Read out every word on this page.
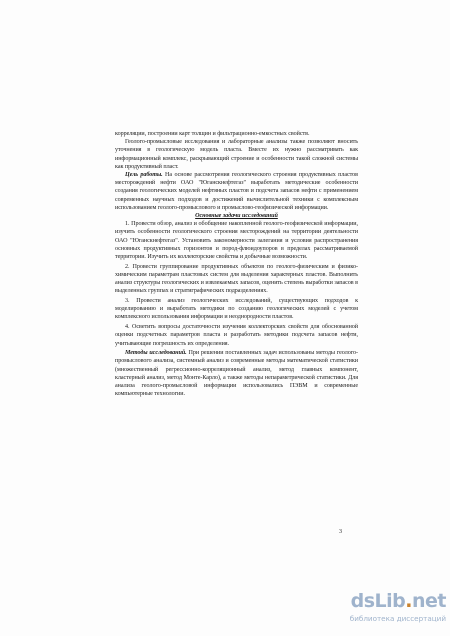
корреляции, построении карт толщин и фильтрационно-емкостных свойств.

Геолого-промысловые исследования и лабораторные анализы также позволяют вносить уточнения в геологическую модель пласта. Вместе их нужно рассматривать как информационный комплекс, раскрывающий строение и особенности такой сложной системы как продуктивный пласт.

Цель работы. На основе рассмотрения геологического строения продуктивных пластов месторождений нефти ОАО "Юганскнефтегаз" выработать методические особенности создания геологических моделей нефтяных пластов и подсчета запасов нефти с применением современных научных подходов и достижений вычислительной техники с комплексным использованием геолого-промыслового и промыслово-геофизической информации.

Основные задачи исследований

1. Провести обзор, анализ и обобщение накопленной геолого-геофизической информации, изучить особенности геологического строения месторождений на территории деятельности ОАО "Юганскнефтегаз". Установить закономерности залегания и условия распространения основных продуктивных горизонтов и пород-флюидоупоров в пределах рассматриваемой территории. Изучить их коллекторские свойства и добычные возможности.

2. Провести группирование продуктивных объектов по геолого-физическим и физико-химическим параметрам пластовых систем для выделения характерных пластов. Выполнить анализ структуры геологических и извлекаемых запасов, оценить степень выработки запасов в выделенных группах и стратиграфических подразделениях.

3. Провести анализ геологических исследований, существующих подходов к моделированию и выработать методики по созданию геологических моделей с учетом комплексного использования информации и неоднородности пластов.

4. Осветить вопросы достаточности изучения коллекторских свойств для обоснованной оценки подсчетных параметров пласта и разработать методики подсчета запасов нефти, учитывающие погрешность их определения.

Методы исследований. При решении поставленных задач использованы методы геолого-промыслового анализа, системный анализ и современные методы математической статистики (множественный регрессионно-корреляционный анализ, метод главных компонент, кластерный анализ, метод Монте-Карло), а также методы непараметрической статистики. Для анализа геолого-промысловой информации использовались ПЭВМ и современные компьютерные технологии.

3
dsLib.net
библиотека диссертаций
